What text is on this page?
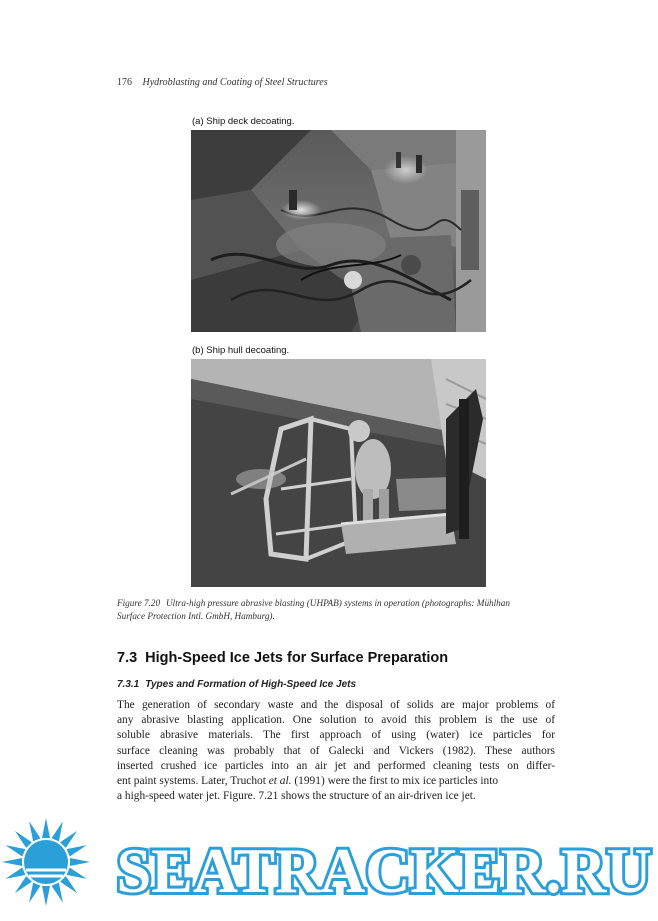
176 Hydroblasting and Coating of Steel Structures
(a) Ship deck decoating.
(b) Ship hull decoating.
Figure 7.20 Ultra-high pressure abrasive blasting (UHPAB) systems in operation (photographs: Mühlhan
Surface Protection Intl. GmbH, Hamburg).
7.3 High-Speed Ice Jets for Surface Preparation
7.3.1 Types and Formation of High-Speed Ice Jets
The generation of secondary waste and the disposal of solids are major problems of
any abrasive blasting application. One solution to avoid this problem is the use of
soluble abrasive materials. The first approach of using (water) ice particles for
surface cleaning was probably that of Galecki and Vickers (1982). These authors
inserted crushed ice particles into an air jet and performed cleaning tests on differ-
ent paint systems. Later, Truchot et al. (1991) were the first to mix ice particles into
a high-speed water jet. Figure. 7.21 shows the structure of an air-driven ice jet.
SEATRACKER.RU
